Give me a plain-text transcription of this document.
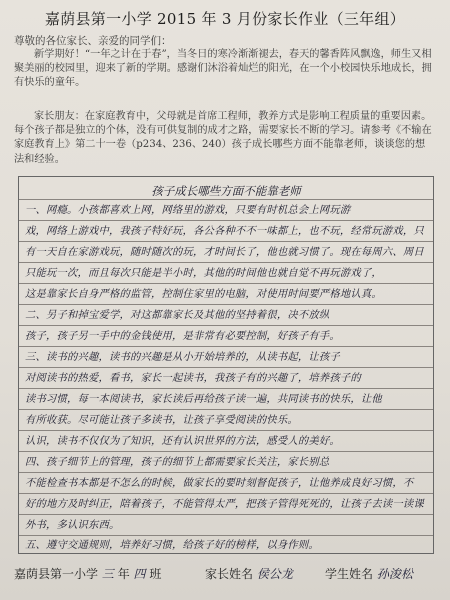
嘉荫县第一小学 2015 年 3 月份家长作业（三年组）
尊敬的各位家长、亲爱的同学们：
新学期好！“一年之计在于春”，当冬日的寒冷渐渐褪去，春天的馨香阵风飘逸，师生又相聚美丽的校园里，迎来了新的学期。感谢们沐浴着灿烂的阳光，在一个小校园快乐地成长，拥有快乐的童年。
家长朋友：在家庭教育中，父母就是首席工程师，教养方式是影响工程质量的重要因素。每个孩子都是独立的个体，没有可供复制的成才之路，需要家长不断的学习。请参考《不输在家庭教育上》第二十一卷（p234、236、240）孩子成长哪些方面不能靠老师，谈谈您的想法和经验。
孩子成长哪些方面不能靠老师
一、网瘾。小孩都喜欢上网，网络里的游戏，只要有时机总会上网玩游
戏，网络上游戏中，我孩子特好玩，各公各种不不一味都上，也不玩，经常玩游戏，只
有一天自在家游戏玩，随时随次的玩，才时间长了，他也就习惯了。现在每周六、周日
只能玩一次，而且每次只能是半小时，其他的时间他也就自觉不再玩游戏了，
这是靠家长自身严格的监管，控制住家里的电脑，对使用时间要严格地认真。
二、另子和掉宝爱学，对这都靠家长及其他的坚持着很，决不放纵
孩子，孩子另一手中的金钱使用，是非常有必要控制，好孩子有手。
三、读书的兴趣，读书的兴趣是从小开始培养的，从读书起，让孩子
对阅读书的热爱，看书，家长一起读书，我孩子有的兴趣了，培养孩子的
读书习惯，每一本阅读书，家长读后再给孩子读一遍，共同读书的快乐，让他
有所收获。尽可能让孩子多读书，让孩子享受阅读的快乐。
认识，读书不仅仅为了知识，还有认识世界的方法，感受人的美好。
四、孩子细节上的管理，孩子的细节上都需要家长关注，家长别总
不能检查书本都是不怎么的时候，做家长的要时刻督促孩子，让他养成良好习惯，不
好的地方及时纠正，陪着孩子，不能管得太严，把孩子管得死死的，让孩子去读一读课
外书，多认识东西。
五、遵守交通规则，培养好习惯，给孩子好的榜样，以身作则。
嘉荫县第一小学 三 年 四 班	家长姓名 侯公龙	学生姓名 孙浚松
